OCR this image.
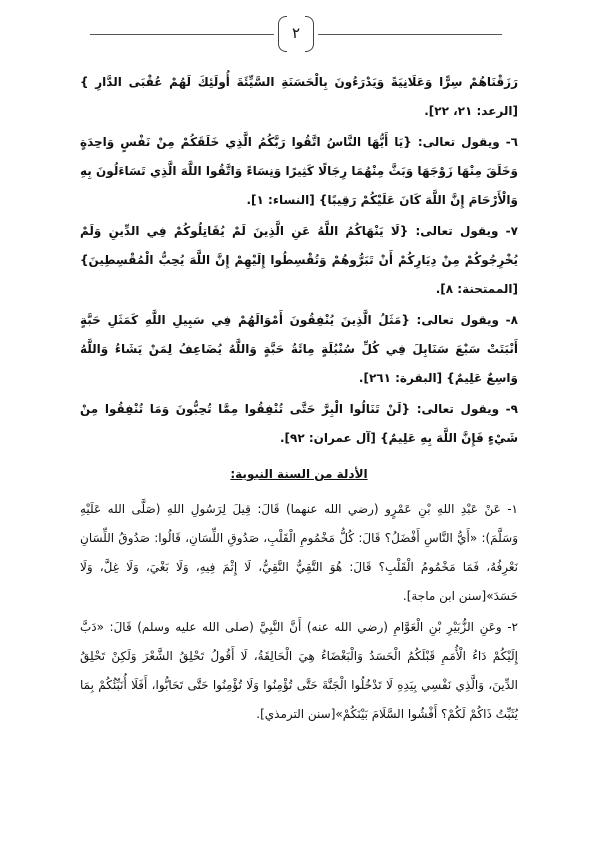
٢

رَزَقْنَاهُمْ سِرًّا وَعَلَانِيَةً وَيَدْرَءُونَ بِالْحَسَنَةِ السَّيِّئَةَ أُولَئِكَ لَهُمْ عُقْبَى الدَّارِ } [الرعد: ٢١، ٢٢].

٦- ويقول تعالى: {يَا أَيُّهَا النَّاسُ اتَّقُوا رَبَّكُمُ الَّذِي خَلَقَكُمْ مِنْ نَفْسٍ وَاحِدَةٍ وَخَلَقَ مِنْهَا زَوْجَهَا وَبَثَّ مِنْهُمَا رِجَالًا كَثِيرًا وَنِسَاءً وَاتَّقُوا اللَّهَ الَّذِي تَسَاءَلُونَ بِهِ وَالْأَرْحَامَ إِنَّ اللَّهَ كَانَ عَلَيْكُمْ رَقِيبًا} [النساء: ١].

٧- ويقول تعالى: {لَا يَنْهَاكُمُ اللَّهُ عَنِ الَّذِينَ لَمْ يُقَاتِلُوكُمْ فِي الدِّينِ وَلَمْ يُخْرِجُوكُمْ مِنْ دِيَارِكُمْ أَنْ تَبَرُّوهُمْ وَتُقْسِطُوا إِلَيْهِمْ إِنَّ اللَّهَ يُحِبُّ الْمُقْسِطِينَ} [الممتحنة: ٨].

٨- ويقول تعالى: {مَثَلُ الَّذِينَ يُنْفِقُونَ أَمْوَالَهُمْ فِي سَبِيلِ اللَّهِ كَمَثَلِ حَبَّةٍ أَنْبَتَتْ سَبْعَ سَنَابِلَ فِي كُلِّ سُنْبُلَةٍ مِائَةُ حَبَّةٍ وَاللَّهُ يُضَاعِفُ لِمَنْ يَشَاءُ وَاللَّهُ وَاسِعٌ عَلِيمٌ} [البقرة: ٢٦١].

٩- ويقول تعالى: {لَنْ تَنَالُوا الْبِرَّ حَتَّى تُنْفِقُوا مِمَّا تُحِبُّونَ وَمَا تُنْفِقُوا مِنْ شَيْءٍ فَإِنَّ اللَّهَ بِهِ عَلِيمٌ} [آل عمران: ٩٢].

الأدلة من السنة النبوية:

١- عَنْ عَبْدِ اللهِ بْنِ عَمْرٍو (رضي الله عنهما) قَالَ: قِيلَ لِرَسُولِ اللهِ (صَلَّى الله عَلَيْهِ وَسَلَّمَ): «أَيُّ النَّاسِ أَفْضَلُ؟ قَالَ: كُلُّ مَخْمُومِ الْقَلْبِ، صَدُوقِ اللِّسَانِ، قَالُوا: صَدُوقُ اللِّسَانِ نَعْرِفُهُ، فَمَا مَخْمُومُ الْقَلْبِ؟ قَالَ: هُوَ التَّقِيُّ النَّقِيُّ، لَا إِثْمَ فِيهِ، وَلَا بَغْيَ، وَلَا غِلَّ، وَلَا حَسَدَ»[سنن ابن ماجة].

٢- وعَنِ الزُّبَيْرِ بْنِ الْعَوَّامِ (رضي الله عنه) أَنَّ النَّبِيَّ (صلى الله عليه وسلم) قَالَ: «دَبَّ إِلَيْكُمْ دَاءُ الْأُمَمِ قَبْلَكُمُ الْحَسَدُ وَالْبَغْضَاءُ هِيَ الْحَالِقَةُ، لَا أَقُولُ تَحْلِقُ الشَّعْرَ وَلَكِنْ تَحْلِقُ الدِّينَ، وَالَّذِي نَفْسِي بِيَدِهِ لَا تَدْخُلُوا الْجَنَّةَ حَتَّى تُؤْمِنُوا وَلَا تُؤْمِنُوا حَتَّى تَحَابُّوا، أَفَلَا أُنَبِّئُكُمْ بِمَا يُثَبِّتُ ذَاكُمْ لَكُمْ؟ أَفْشُوا السَّلَامَ بَيْنَكُمْ»[سنن الترمذي].
